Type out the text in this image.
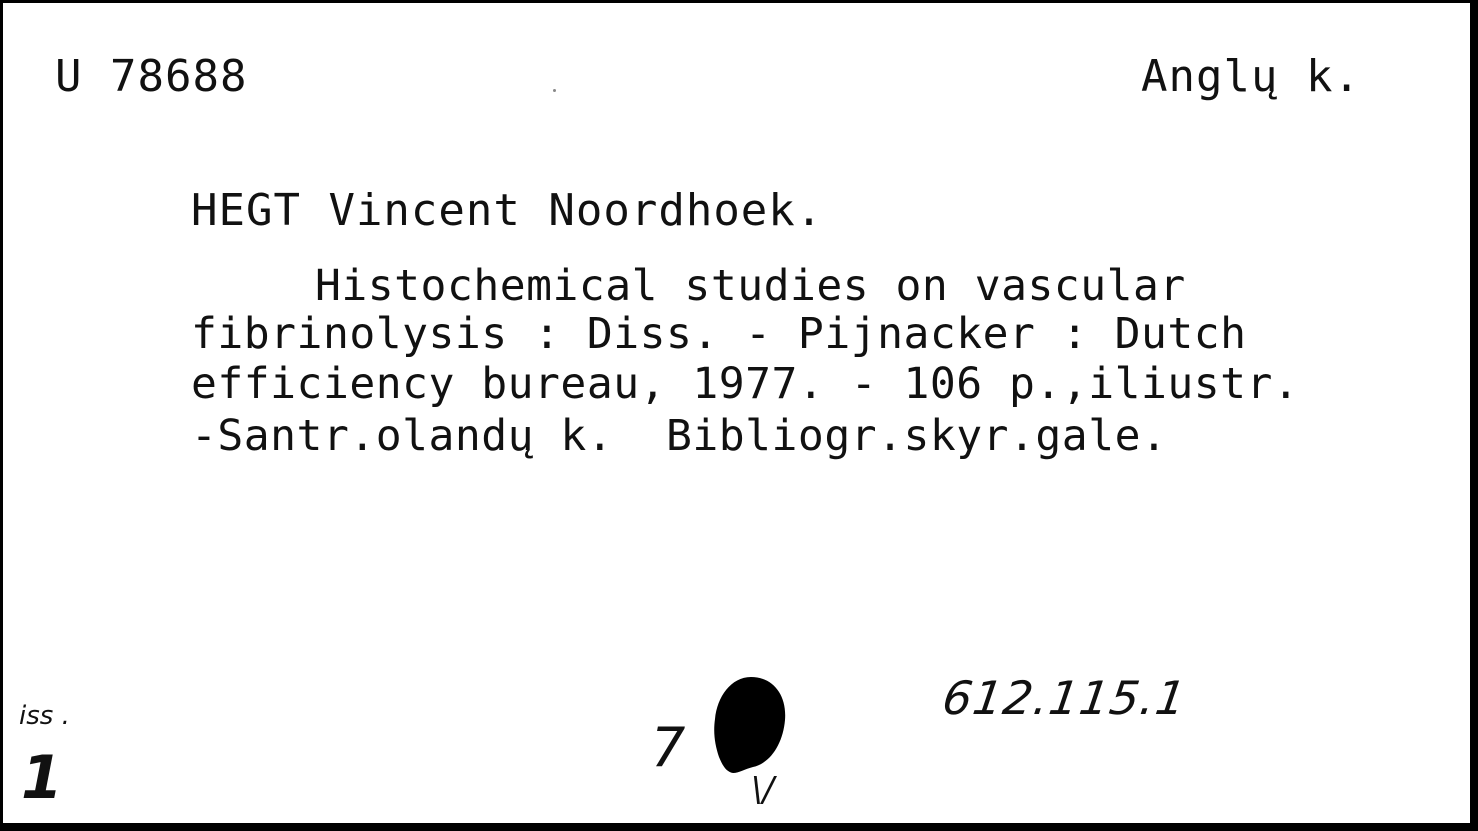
U 78688	Anglų k.
HEGT Vincent Noordhoek.
Histochemical studies on vascular
fibrinolysis : Diss. - Pijnacker : Dutch
efficiency bureau, 1977. - 106 p.,iliustr.
-Santr.olandų k.  Bibliogr.skyr.gale.
iss .
1	7
\/
612.115.1
